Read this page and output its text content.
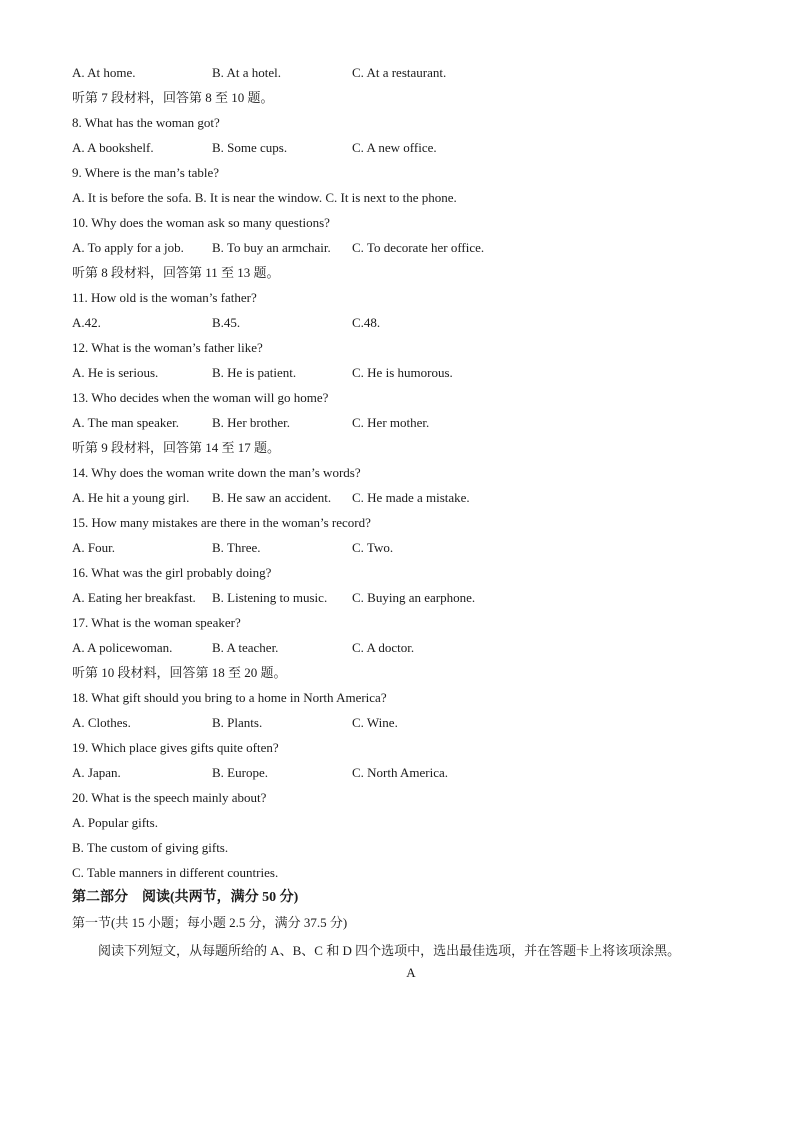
A. At home.	B. At a hotel.	C. At a restaurant.
听第 7 段材料，回答第 8 至 10 题。
8. What has the woman got?
A. A bookshelf.	B. Some cups.	C. A new office.
9. Where is the man’s table?
A. It is before the sofa. B. It is near the window. C. It is next to the phone.
10. Why does the woman ask so many questions?
A. To apply for a job. B. To buy an armchair. C. To decorate her office.
听第 8 段材料，回答第 11 至 13 题。
11. How old is the woman’s father?
A.42.	B.45.	C.48.
12. What is the woman’s father like?
A. He is serious.	B. He is patient.	C. He is humorous.
13. Who decides when the woman will go home?
A. The man speaker.	B. Her brother.	C. Her mother.
听第 9 段材料，回答第 14 至 17 题。
14. Why does the woman write down the man’s words?
A. He hit a young girl. B. He saw an accident. C. He made a mistake.
15. How many mistakes are there in the woman’s record?
A. Four.	B. Three.	C. Two.
16. What was the girl probably doing?
A. Eating her breakfast. B. Listening to music. C. Buying an earphone.
17. What is the woman speaker?
A. A policewoman.	B. A teacher.	C. A doctor.
听第 10 段材料，回答第 18 至 20 题。
18. What gift should you bring to a home in North America?
A. Clothes.	B. Plants.	C. Wine.
19. Which place gives gifts quite often?
A. Japan.	B. Europe.	C. North America.
20. What is the speech mainly about?
A. Popular gifts.
B. The custom of giving gifts.
C. Table manners in different countries.
第二部分　阅读(共两节，满分 50 分)
第一节(共 15 小题；每小题 2.5 分，满分 37.5 分)
阅读下列短文，从每题所给的 A、B、C 和 D 四个选项中，选出最佳选项，并在答题卡上将该项涂黑。
A
